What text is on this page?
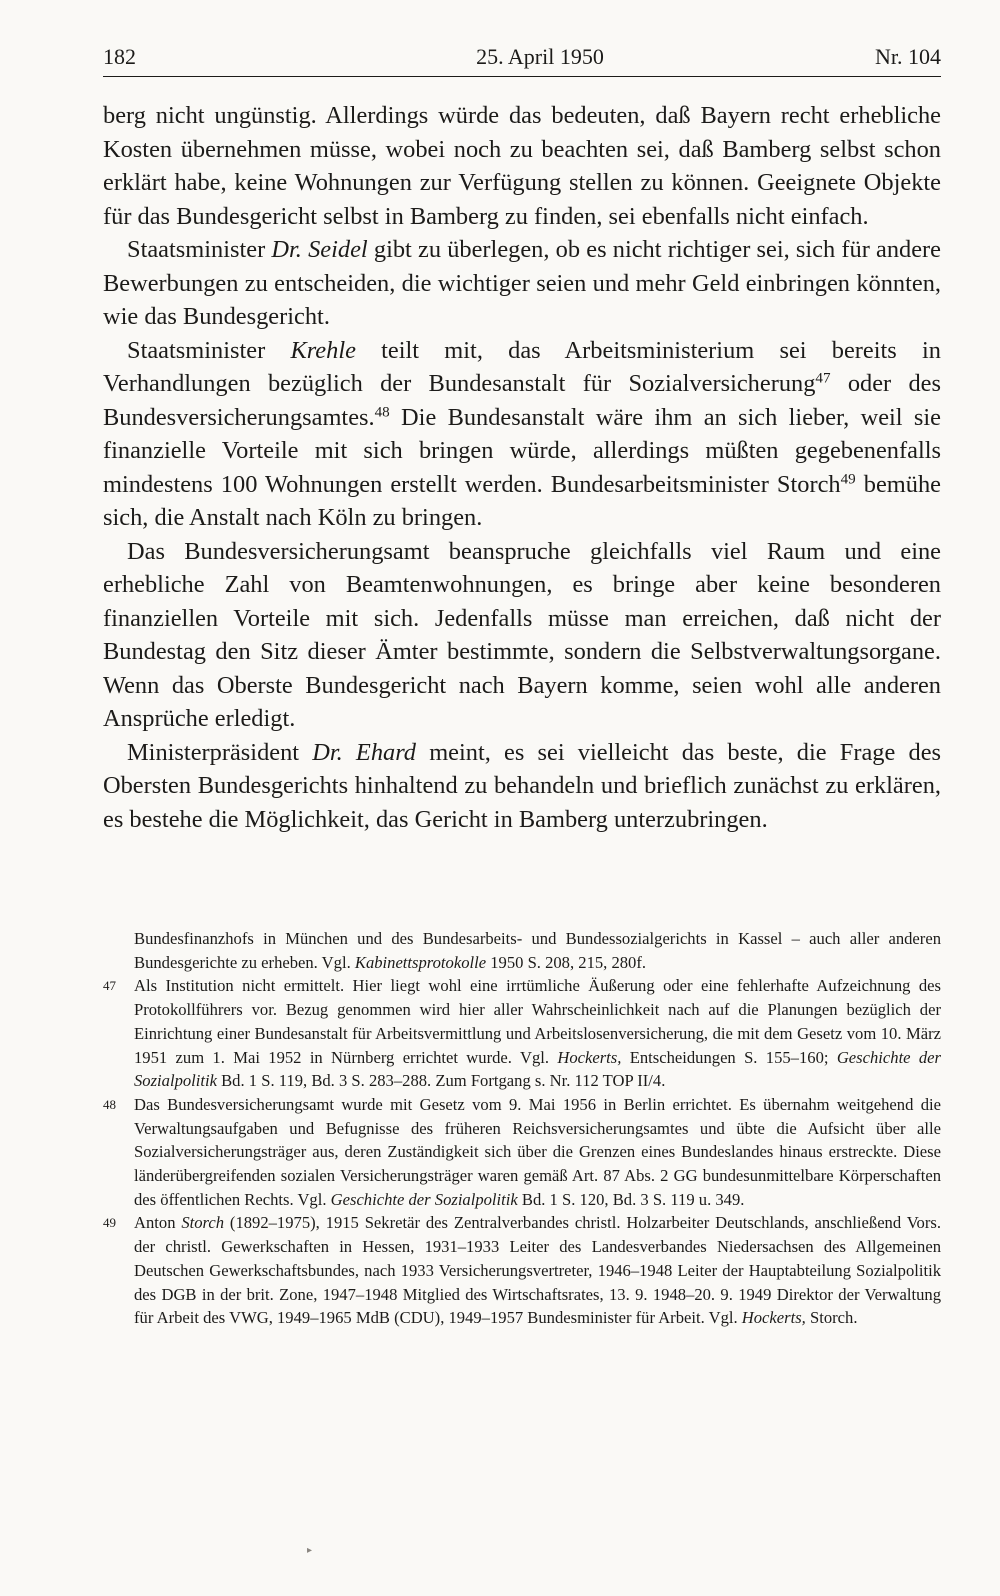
182	25. April 1950	Nr. 104

berg nicht ungünstig. Allerdings würde das bedeuten, daß Bayern recht erhebliche Kosten übernehmen müsse, wobei noch zu beachten sei, daß Bamberg selbst schon erklärt habe, keine Wohnungen zur Verfügung stellen zu können. Geeignete Objekte für das Bundesgericht selbst in Bamberg zu finden, sei ebenfalls nicht einfach.

Staatsminister Dr. Seidel gibt zu überlegen, ob es nicht richtiger sei, sich für andere Bewerbungen zu entscheiden, die wichtiger seien und mehr Geld einbringen könnten, wie das Bundesgericht.

Staatsminister Krehle teilt mit, das Arbeitsministerium sei bereits in Verhandlungen bezüglich der Bundesanstalt für Sozialversicherung$^{47}$ oder des Bundesversicherungsamtes.$^{48}$ Die Bundesanstalt wäre ihm an sich lieber, weil sie finanzielle Vorteile mit sich bringen würde, allerdings müßten gegebenenfalls mindestens 100 Wohnungen erstellt werden. Bundesarbeitsminister Storch$^{49}$ bemühe sich, die Anstalt nach Köln zu bringen.

Das Bundesversicherungsamt beanspruche gleichfalls viel Raum und eine erhebliche Zahl von Beamtenwohnungen, es bringe aber keine besonderen finanziellen Vorteile mit sich. Jedenfalls müsse man erreichen, daß nicht der Bundestag den Sitz dieser Ämter bestimmte, sondern die Selbstverwaltungsorgane. Wenn das Oberste Bundesgericht nach Bayern komme, seien wohl alle anderen Ansprüche erledigt.

Ministerpräsident Dr. Ehard meint, es sei vielleicht das beste, die Frage des Obersten Bundesgerichts hinhaltend zu behandeln und brieflich zunächst zu erklären, es bestehe die Möglichkeit, das Gericht in Bamberg unterzubringen.

Bundesfinanzhofs in München und des Bundesarbeits- und Bundessozialgerichts in Kassel – auch aller anderen Bundesgerichte zu erheben. Vgl. Kabinettsprotokolle 1950 S. 208, 215, 280f.
47 Als Institution nicht ermittelt. Hier liegt wohl eine irrtümliche Äußerung oder eine fehlerhafte Aufzeichnung des Protokollführers vor. Bezug genommen wird hier aller Wahrscheinlichkeit nach auf die Planungen bezüglich der Einrichtung einer Bundesanstalt für Arbeitsvermittlung und Arbeitslosenversicherung, die mit dem Gesetz vom 10. März 1951 zum 1. Mai 1952 in Nürnberg errichtet wurde. Vgl. Hockerts, Entscheidungen S. 155–160; Geschichte der Sozialpolitik Bd. 1 S. 119, Bd. 3 S. 283–288. Zum Fortgang s. Nr. 112 TOP II/4.
48 Das Bundesversicherungsamt wurde mit Gesetz vom 9. Mai 1956 in Berlin errichtet. Es übernahm weitgehend die Verwaltungsaufgaben und Befugnisse des früheren Reichsversicherungsamtes und übte die Aufsicht über alle Sozialversicherungsträger aus, deren Zuständigkeit sich über die Grenzen eines Bundeslandes hinaus erstreckte. Diese länderübergreifenden sozialen Versicherungsträger waren gemäß Art. 87 Abs. 2 GG bundesunmittelbare Körperschaften des öffentlichen Rechts. Vgl. Geschichte der Sozialpolitik Bd. 1 S. 120, Bd. 3 S. 119 u. 349.
49 Anton Storch (1892–1975), 1915 Sekretär des Zentralverbandes christl. Holzarbeiter Deutschlands, anschließend Vors. der christl. Gewerkschaften in Hessen, 1931–1933 Leiter des Landesverbandes Niedersachsen des Allgemeinen Deutschen Gewerkschaftsbundes, nach 1933 Versicherungsvertreter, 1946–1948 Leiter der Hauptabteilung Sozialpolitik des DGB in der brit. Zone, 1947–1948 Mitglied des Wirtschaftsrates, 13. 9. 1948–20. 9. 1949 Direktor der Verwaltung für Arbeit des VWG, 1949–1965 MdB (CDU), 1949–1957 Bundesminister für Arbeit. Vgl. Hockerts, Storch.
▸
